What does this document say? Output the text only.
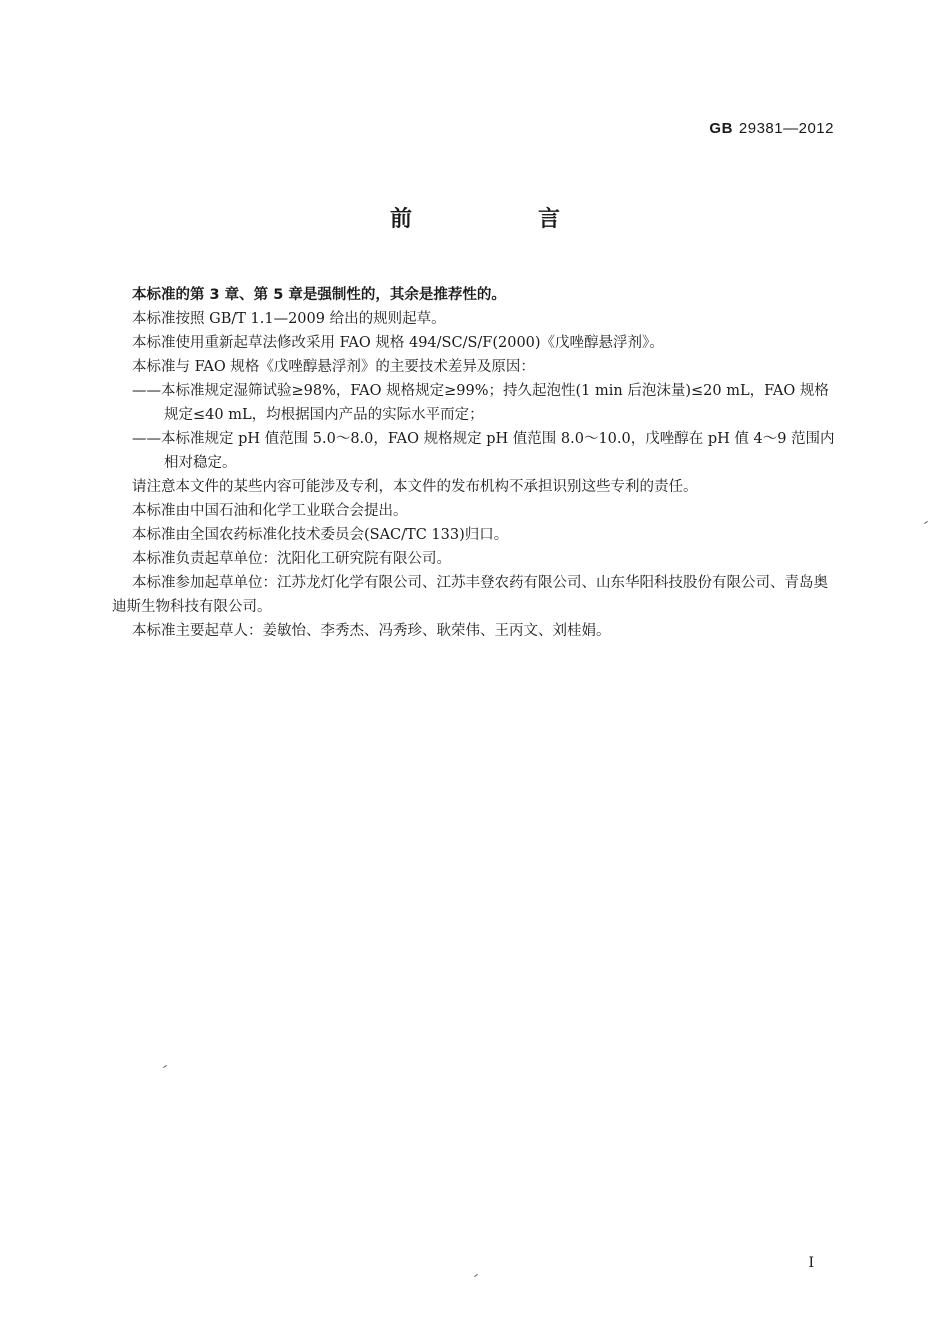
GB 29381—2012
前　言

本标准的第 3 章、第 5 章是强制性的，其余是推荐性的。

本标准按照 GB/T 1.1—2009 给出的规则起草。

本标准使用重新起草法修改采用 FAO 规格 494/SC/S/F(2000)《戊唑醇悬浮剂》。

本标准与 FAO 规格《戊唑醇悬浮剂》的主要技术差异及原因：

——本标准规定湿筛试验≥98%，FAO 规格规定≥99%；持久起泡性(1 min 后泡沫量)≤20 mL，FAO 规格规定≤40 mL，均根据国内产品的实际水平而定；

——本标准规定 pH 值范围 5.0～8.0，FAO 规格规定 pH 值范围 8.0～10.0，戊唑醇在 pH 值 4～9 范围内相对稳定。

请注意本文件的某些内容可能涉及专利，本文件的发布机构不承担识别这些专利的责任。

本标准由中国石油和化学工业联合会提出。

本标准由全国农药标准化技术委员会(SAC/TC 133)归口。

本标准负责起草单位：沈阳化工研究院有限公司。

本标准参加起草单位：江苏龙灯化学有限公司、江苏丰登农药有限公司、山东华阳科技股份有限公司、青岛奥迪斯生物科技有限公司。

本标准主要起草人：姜敏怡、李秀杰、冯秀珍、耿荣伟、王丙文、刘桂娟。

I
